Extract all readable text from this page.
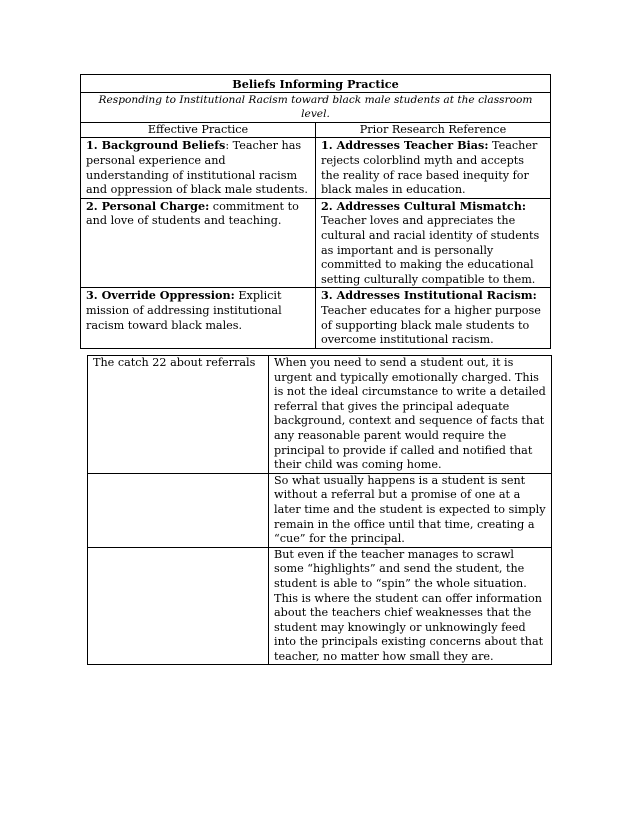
Beliefs Informing Practice	
Responding to Institutional Racism toward black male students at the classroom level.	
Effective Practice	Prior Research Reference
1. Background Beliefs: Teacher has personal experience and understanding of institutional racism and oppression of black male students.	1. Addresses Teacher Bias: Teacher rejects colorblind myth and accepts the reality of race based inequity for black males in education.
2. Personal Charge: commitment to and love of students and teaching.	2. Addresses Cultural Mismatch: Teacher loves and appreciates the cultural and racial identity of students as important and is personally committed to making the educational setting culturally compatible to them.
3. Override Oppression: Explicit mission of addressing institutional racism toward black males.	3. Addresses Institutional Racism: Teacher educates for a higher purpose of supporting black male students to overcome institutional racism.
The catch 22 about referrals	When you need to send a student out, it is urgent and typically emotionally charged. This is not the ideal circumstance to write a detailed referral that gives the principal adequate background, context and sequence of facts that any reasonable parent would require the principal to provide if called and notified that their child was coming home.
	So what usually happens is a student is sent without a referral but a promise of one at a later time and the student is expected to simply remain in the office until that time, creating a “cue” for the principal.
	But even if the teacher manages to scrawl some “highlights” and send the student, the student is able to “spin” the whole situation. This is where the student can offer information about the teachers chief weaknesses that the student may knowingly or unknowingly feed into the principals existing concerns about that teacher, no matter how small they are.
